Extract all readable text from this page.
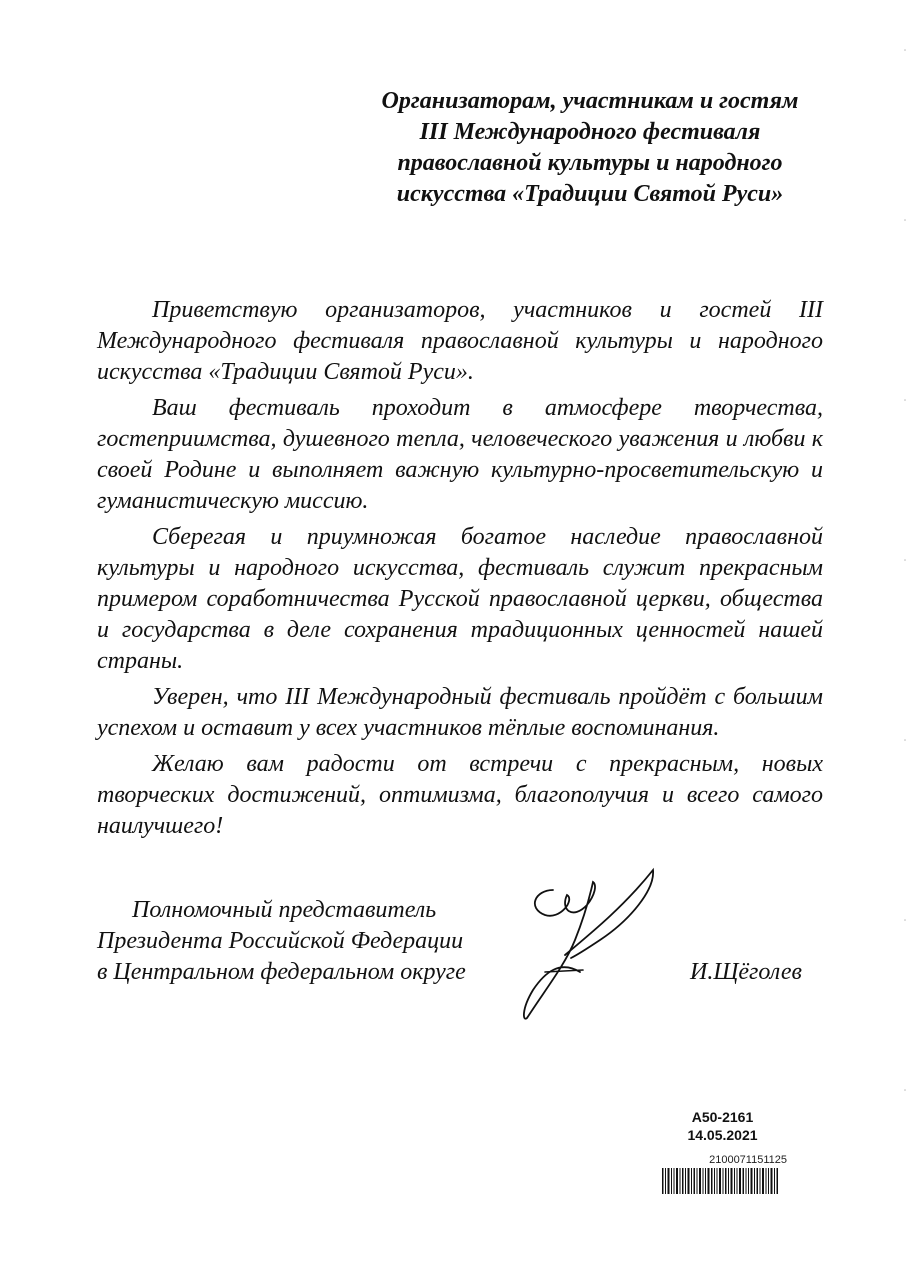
Организаторам, участникам и гостям
III Международного фестиваля
православной культуры и народного
искусства «Традиции Святой Руси»

Приветствую организаторов, участников и гостей III Международного фестиваля православной культуры и народного искусства «Традиции Святой Руси».

Ваш фестиваль проходит в атмосфере творчества, гостеприимства, душевного тепла, человеческого уважения и любви к своей Родине и выполняет важную культурно-просветительскую и гуманистическую миссию.

Сберегая и приумножая богатое наследие православной культуры и народного искусства, фестиваль служит прекрасным примером соработничества Русской православной церкви, общества и государства в деле сохранения традиционных ценностей нашей страны.

Уверен, что III Международный фестиваль пройдёт с большим успехом и оставит у всех участников тёплые воспоминания.

Желаю вам радости от встречи с прекрасным, новых творческих достижений, оптимизма, благополучия и всего самого наилучшего!

Полномочный представитель
Президента Российской Федерации
в Центральном федеральном округе	И.Щёголев
А50-2161
14.05.2021
2100071151125
